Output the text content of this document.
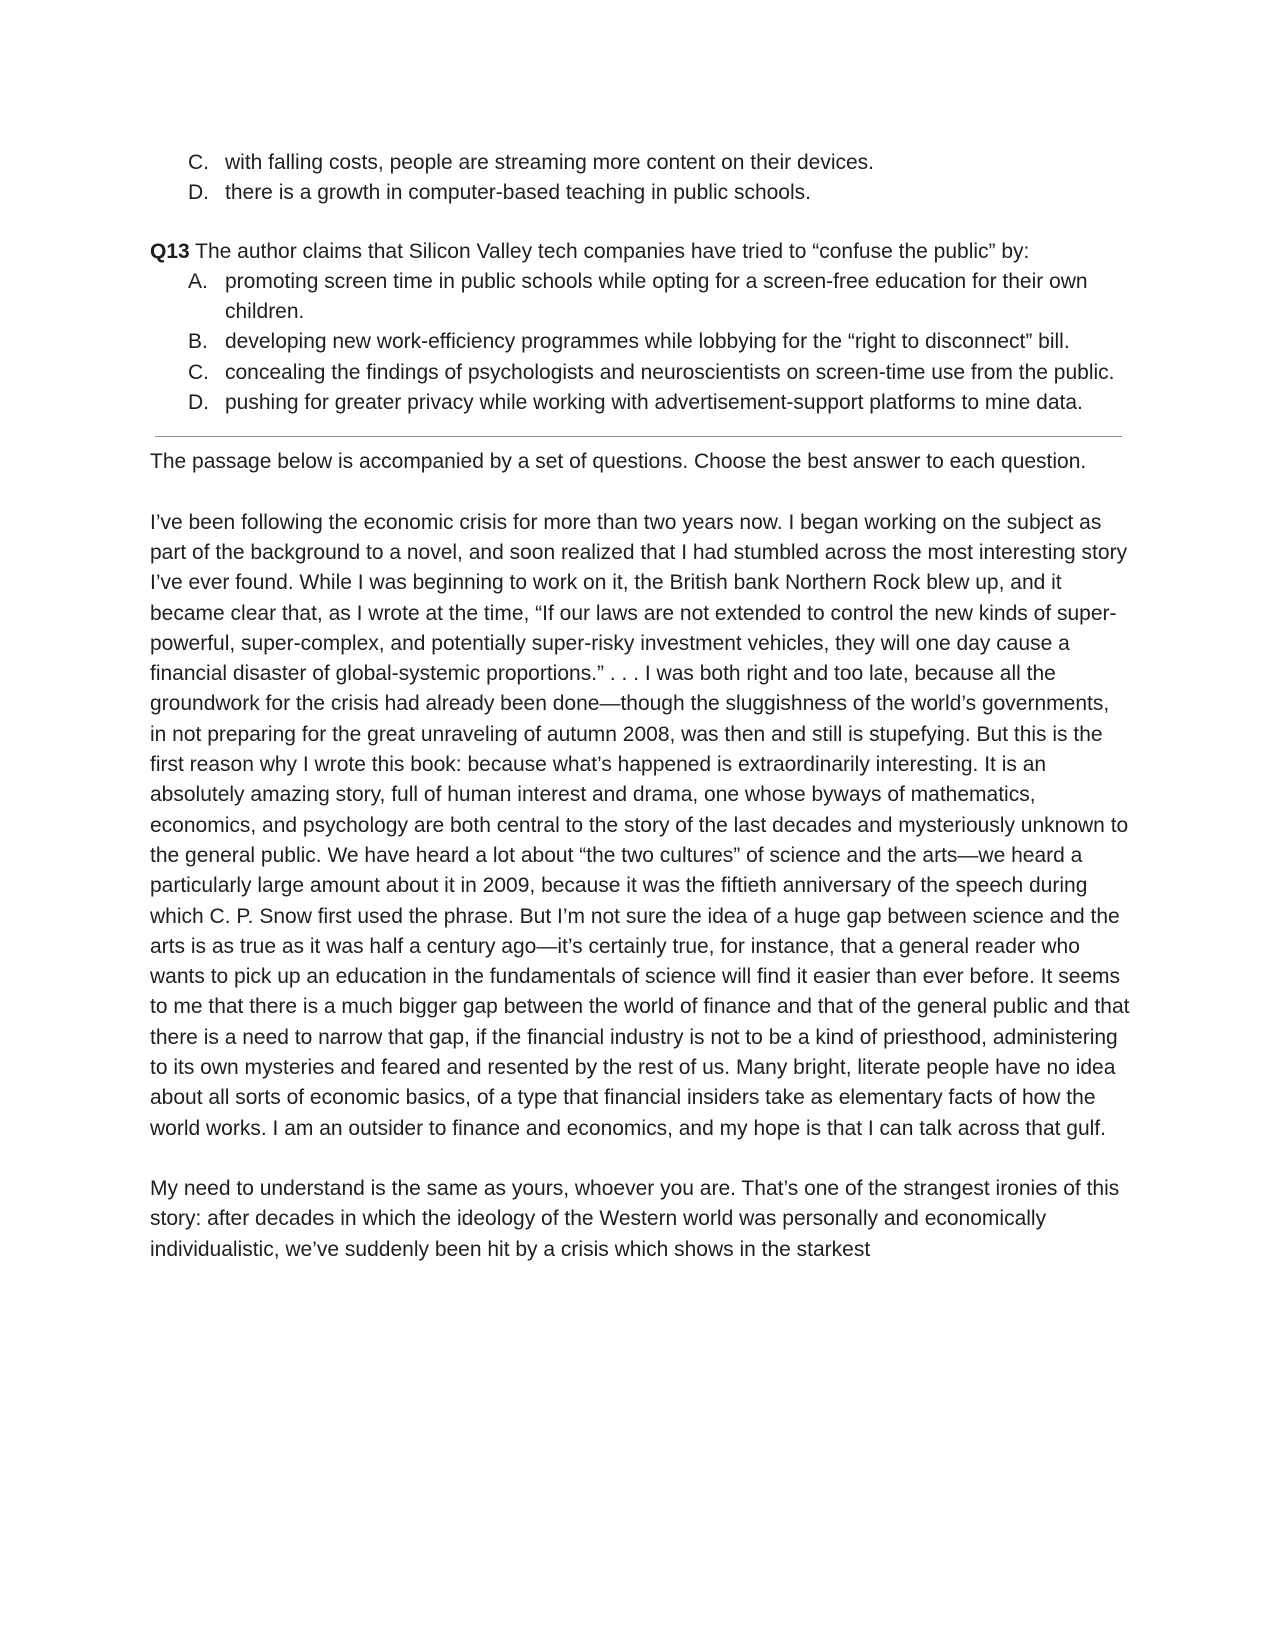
C. with falling costs, people are streaming more content on their devices.
D. there is a growth in computer-based teaching in public schools.
Q13 The author claims that Silicon Valley tech companies have tried to “confuse the public” by:
A. promoting screen time in public schools while opting for a screen-free education for their own children.
B. developing new work-efficiency programmes while lobbying for the “right to disconnect” bill.
C. concealing the findings of psychologists and neuroscientists on screen-time use from the public.
D. pushing for greater privacy while working with advertisement-support platforms to mine data.

The passage below is accompanied by a set of questions. Choose the best answer to each question.

I’ve been following the economic crisis for more than two years now. I began working on the subject as part of the background to a novel, and soon realized that I had stumbled across the most interesting story I’ve ever found. While I was beginning to work on it, the British bank Northern Rock blew up, and it became clear that, as I wrote at the time, “If our laws are not extended to control the new kinds of super-powerful, super-complex, and potentially super-risky investment vehicles, they will one day cause a financial disaster of global-systemic proportions.” . . . I was both right and too late, because all the groundwork for the crisis had already been done—though the sluggishness of the world’s governments, in not preparing for the great unraveling of autumn 2008, was then and still is stupefying. But this is the first reason why I wrote this book: because what’s happened is extraordinarily interesting. It is an absolutely amazing story, full of human interest and drama, one whose byways of mathematics, economics, and psychology are both central to the story of the last decades and mysteriously unknown to the general public. We have heard a lot about “the two cultures” of science and the arts—we heard a particularly large amount about it in 2009, because it was the fiftieth anniversary of the speech during which C. P. Snow first used the phrase. But I’m not sure the idea of a huge gap between science and the arts is as true as it was half a century ago—it’s certainly true, for instance, that a general reader who wants to pick up an education in the fundamentals of science will find it easier than ever before. It seems to me that there is a much bigger gap between the world of finance and that of the general public and that there is a need to narrow that gap, if the financial industry is not to be a kind of priesthood, administering to its own mysteries and feared and resented by the rest of us. Many bright, literate people have no idea about all sorts of economic basics, of a type that financial insiders take as elementary facts of how the world works. I am an outsider to finance and economics, and my hope is that I can talk across that gulf.

My need to understand is the same as yours, whoever you are. That’s one of the strangest ironies of this story: after decades in which the ideology of the Western world was personally and economically individualistic, we’ve suddenly been hit by a crisis which shows in the starkest
